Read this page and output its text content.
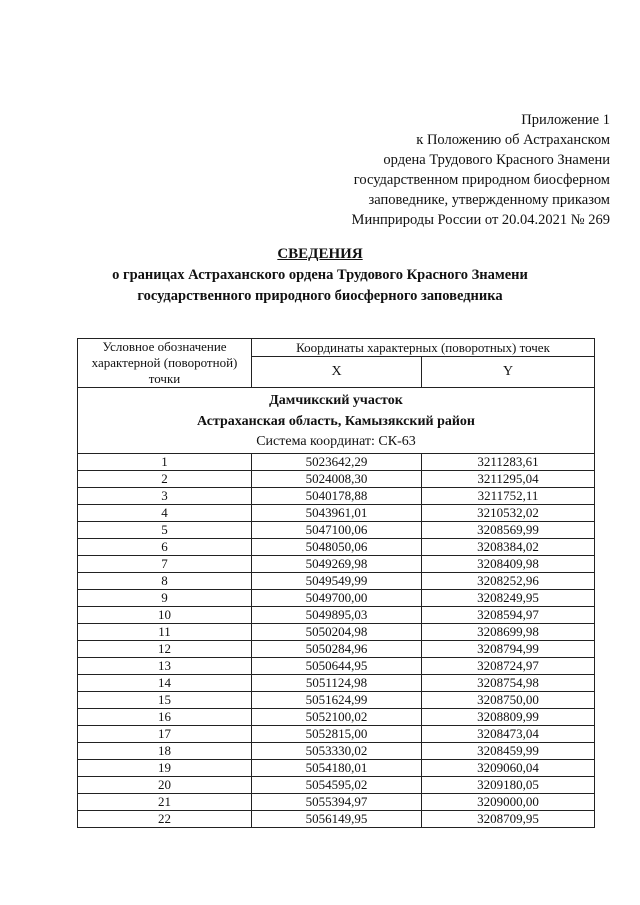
Приложение 1
к Положению об Астраханском
ордена Трудового Красного Знамени
государственном природном биосферном
заповеднике, утвержденному приказом
Минприроды России от 20.04.2021 № 269
СВЕДЕНИЯ
о границах Астраханского ордена Трудового Красного Знамени
государственного природного биосферного заповедника
Условное обозначение характерной (поворотной) точки	Координаты характерных (поворотных) точек	
	X	Y

Дамчикский участок
Астраханская область, Камызякский район
Система координат: СК-63		

1	5023642,29	3211283,61
2	5024008,30	3211295,04
3	5040178,88	3211752,11
4	5043961,01	3210532,02
5	5047100,06	3208569,99
6	5048050,06	3208384,02
7	5049269,98	3208409,98
8	5049549,99	3208252,96
9	5049700,00	3208249,95
10	5049895,03	3208594,97
11	5050204,98	3208699,98
12	5050284,96	3208794,99
13	5050644,95	3208724,97
14	5051124,98	3208754,98
15	5051624,99	3208750,00
16	5052100,02	3208809,99
17	5052815,00	3208473,04
18	5053330,02	3208459,99
19	5054180,01	3209060,04
20	5054595,02	3209180,05
21	5055394,97	3209000,00
22	5056149,95	3208709,95
